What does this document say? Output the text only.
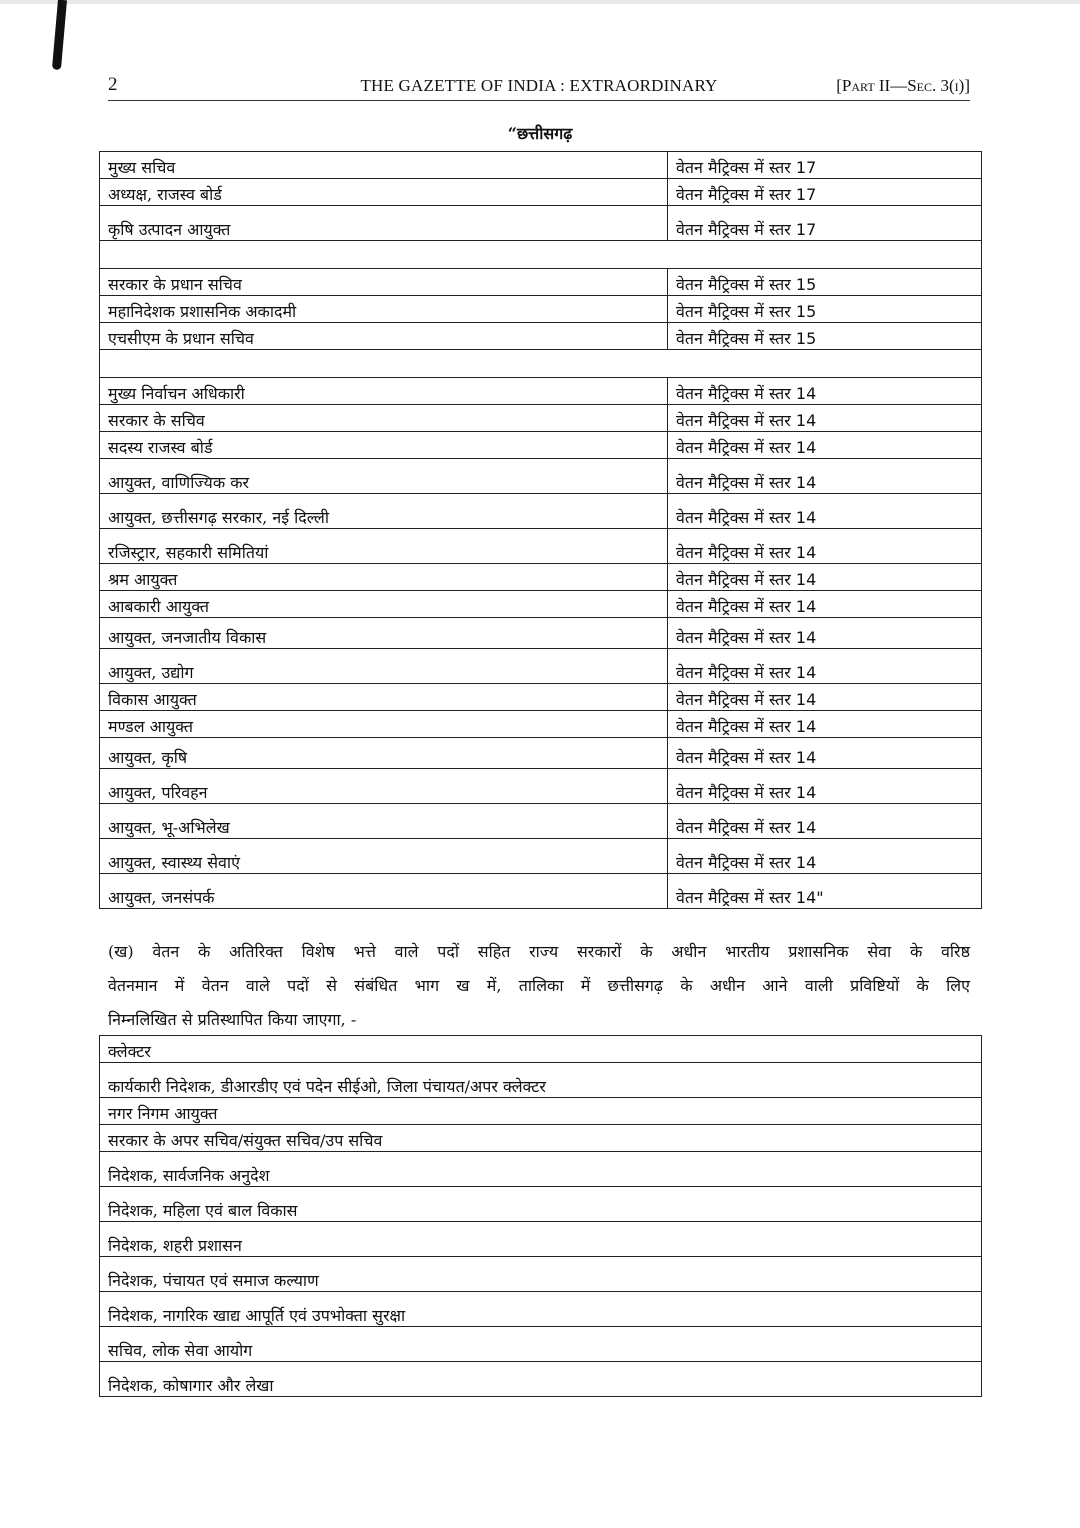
2	THE GAZETTE OF INDIA : EXTRAORDINARY	[Part II—Sec. 3(i)]
“छत्तीसगढ़
मुख्य सचिव	वेतन मैट्रिक्स में स्तर 17
अध्यक्ष, राजस्व बोर्ड	वेतन मैट्रिक्स में स्तर 17
कृषि उत्पादन आयुक्त	वेतन मैट्रिक्स में स्तर 17

सरकार के प्रधान सचिव	वेतन मैट्रिक्स में स्तर 15
महानिदेशक प्रशासनिक अकादमी	वेतन मैट्रिक्स में स्तर 15
एचसीएम के प्रधान सचिव	वेतन मैट्रिक्स में स्तर 15

मुख्य निर्वाचन अधिकारी	वेतन मैट्रिक्स में स्तर 14
सरकार के सचिव	वेतन मैट्रिक्स में स्तर 14
सदस्य राजस्व बोर्ड	वेतन मैट्रिक्स में स्तर 14
आयुक्त, वाणिज्यिक कर	वेतन मैट्रिक्स में स्तर 14
आयुक्त, छत्तीसगढ़ सरकार, नई दिल्ली	वेतन मैट्रिक्स में स्तर 14
रजिस्ट्रार, सहकारी समितियां	वेतन मैट्रिक्स में स्तर 14
श्रम आयुक्त	वेतन मैट्रिक्स में स्तर 14
आबकारी आयुक्त	वेतन मैट्रिक्स में स्तर 14
आयुक्त, जनजातीय विकास	वेतन मैट्रिक्स में स्तर 14
आयुक्त, उद्योग	वेतन मैट्रिक्स में स्तर 14
विकास आयुक्त	वेतन मैट्रिक्स में स्तर 14
मण्डल आयुक्त	वेतन मैट्रिक्स में स्तर 14
आयुक्त, कृषि	वेतन मैट्रिक्स में स्तर 14
आयुक्त, परिवहन	वेतन मैट्रिक्स में स्तर 14
आयुक्त, भू-अभिलेख	वेतन मैट्रिक्स में स्तर 14
आयुक्त, स्वास्थ्य सेवाएं	वेतन मैट्रिक्स में स्तर 14
आयुक्त, जनसंपर्क	वेतन मैट्रिक्स में स्तर 14"
(ख) वेतन के अतिरिक्त विशेष भत्ते वाले पदों सहित राज्य सरकारों के अधीन भारतीय प्रशासनिक सेवा के वरिष्ठ
वेतनमान में वेतन वाले पदों से संबंधित भाग ख में, तालिका में छत्तीसगढ़ के अधीन आने वाली प्रविष्टियों के लिए
निम्नलिखित से प्रतिस्थापित किया जाएगा, -
क्लेक्टर
कार्यकारी निदेशक, डीआरडीए एवं पदेन सीईओ, जिला पंचायत/अपर क्लेक्टर
नगर निगम आयुक्त
सरकार के अपर सचिव/संयुक्त सचिव/उप सचिव
निदेशक, सार्वजनिक अनुदेश
निदेशक, महिला एवं बाल विकास
निदेशक, शहरी प्रशासन
निदेशक, पंचायत एवं समाज कल्याण
निदेशक, नागरिक खाद्य आपूर्ति एवं उपभोक्ता सुरक्षा
सचिव, लोक सेवा आयोग
निदेशक, कोषागार और लेखा
